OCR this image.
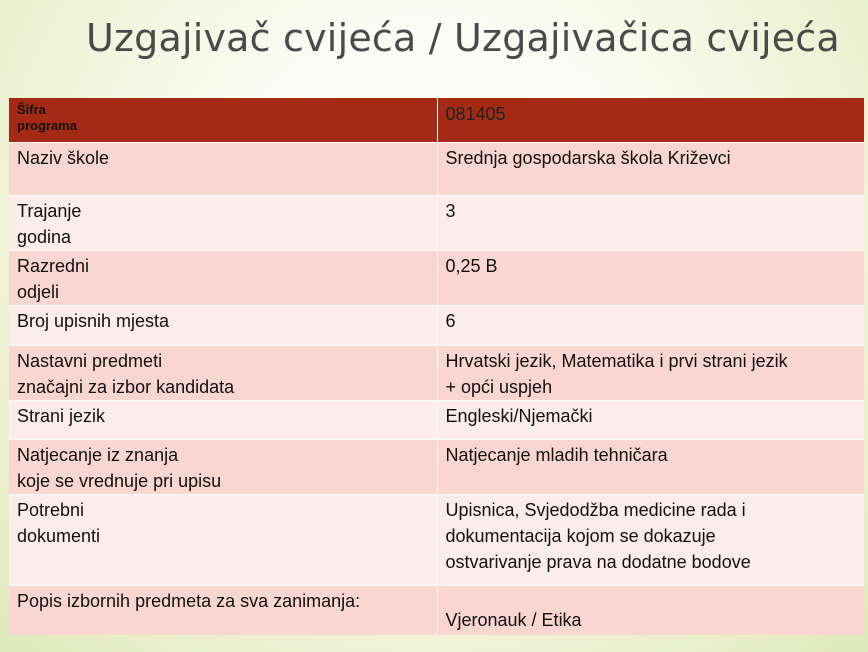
Uzgajivač cvijeća / Uzgajivačica cvijeća
Šifra
programa	081405

Naziv škole	Srednja gospodarska škola Križevci

Trajanje
godina	3

Razredni
odjeli	0,25 B

Broj upisnih mjesta	6

Nastavni predmeti
značajni za izbor kandidata	Hrvatski jezik, Matematika i prvi strani jezik
+ opći uspjeh

Strani jezik	Engleski/Njemački

Natjecanje iz znanja
koje se vrednuje pri upisu	Natjecanje mladih tehničara

Potrebni
dokumenti	Upisnica, Svjedodžba medicine rada i
dokumentacija kojom se dokazuje
ostvarivanje prava na dodatne bodove

Popis izbornih predmeta za sva zanimanja:	Vjeronauk / Etika
